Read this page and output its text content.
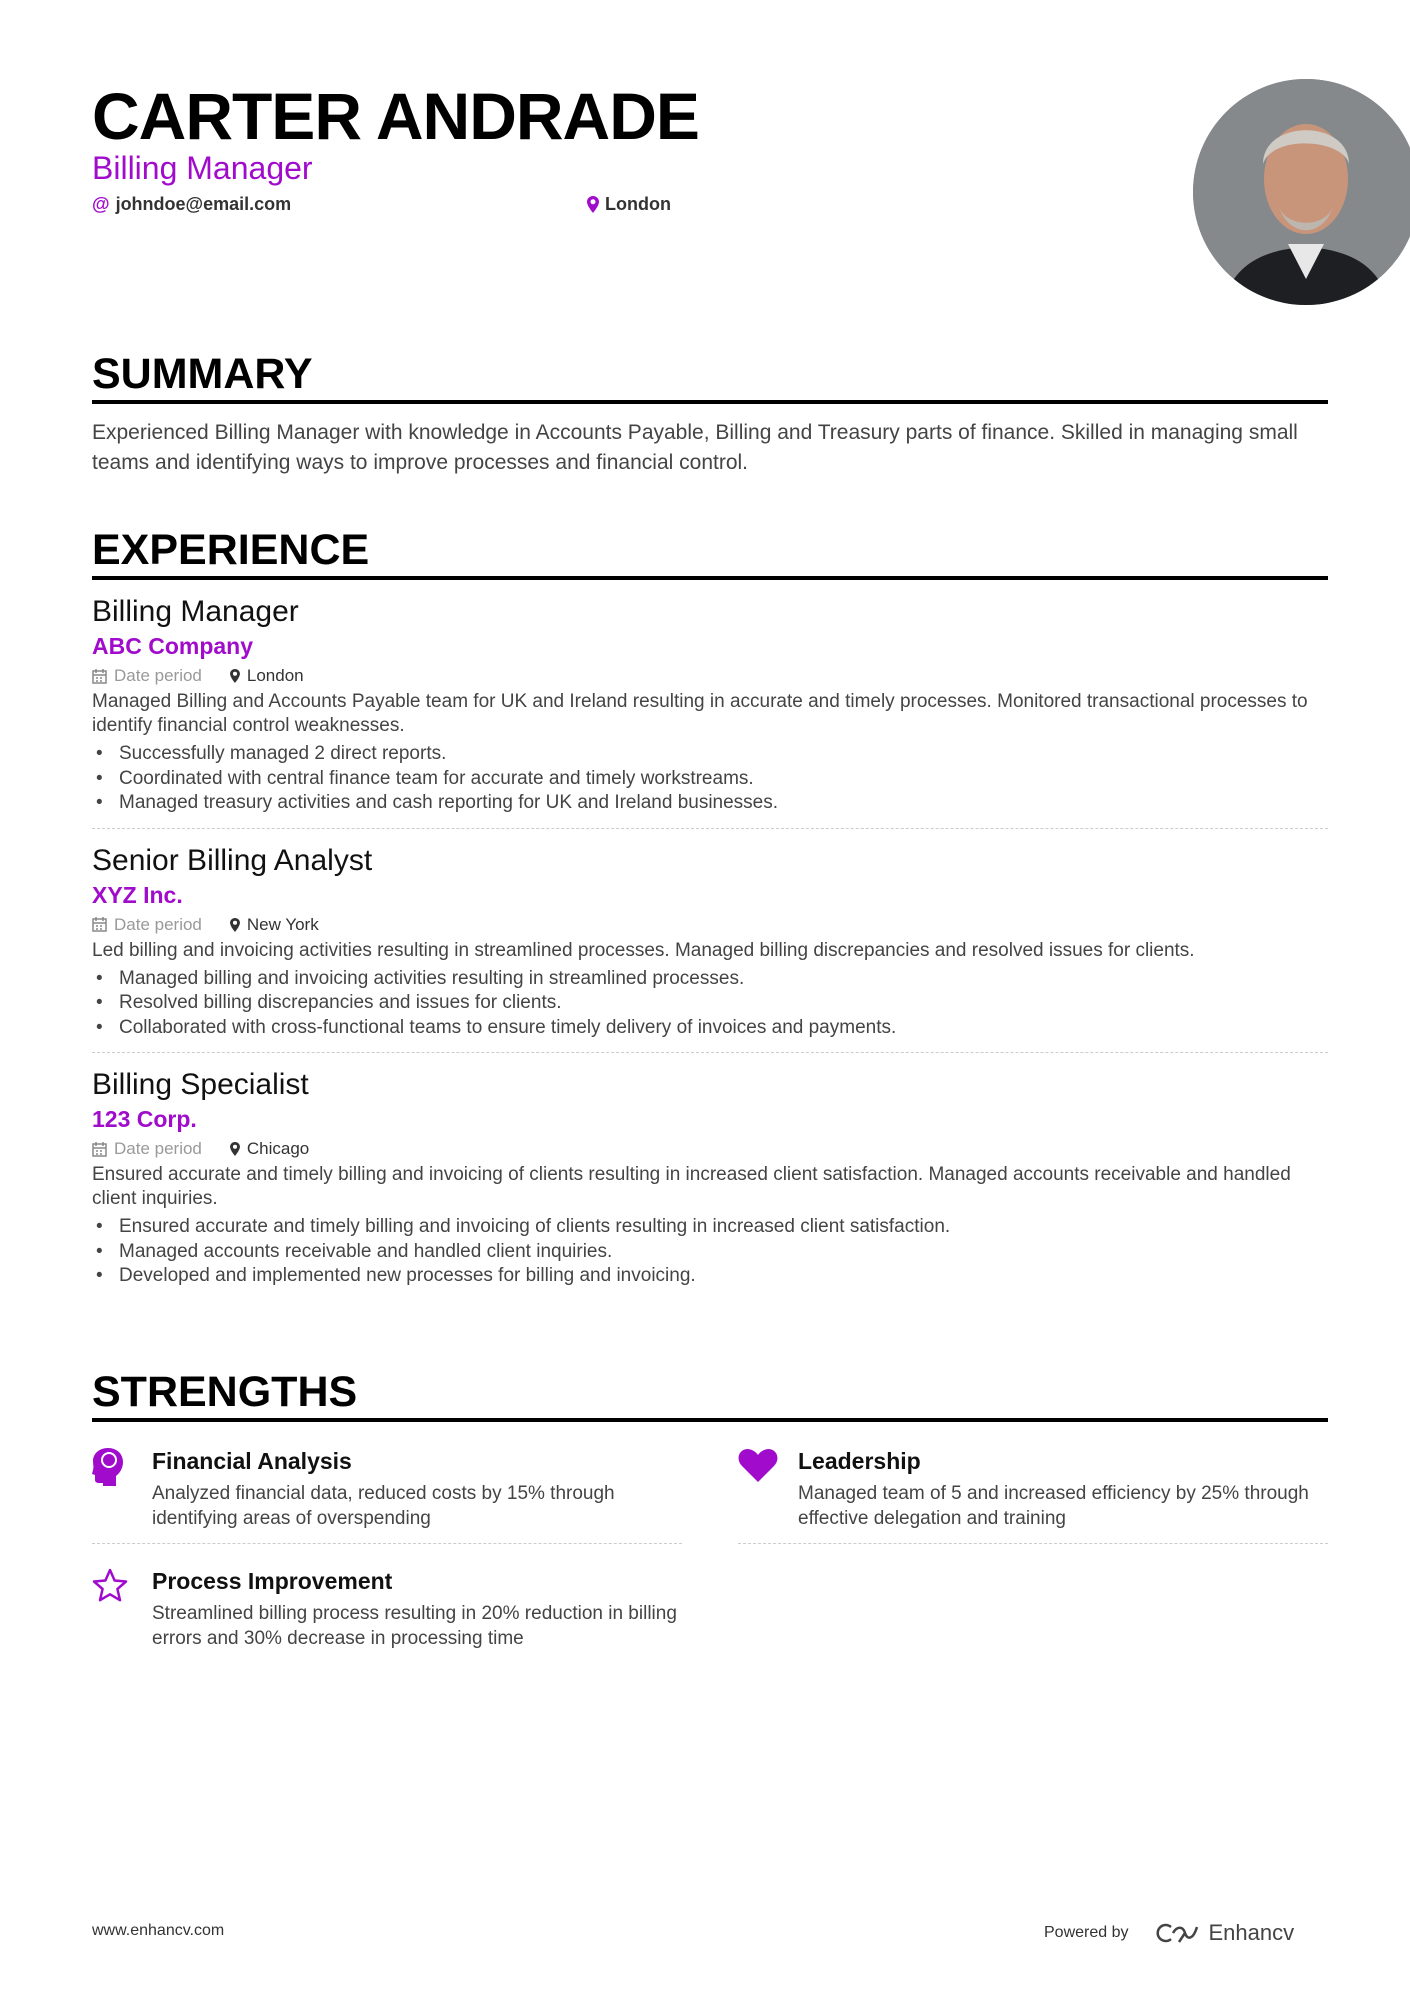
CARTER ANDRADE
Billing Manager
@ johndoe@email.com	London
SUMMARY

Experienced Billing Manager with knowledge in Accounts Payable, Billing and Treasury parts of finance. Skilled in managing small teams and identifying ways to improve processes and financial control.

EXPERIENCE
Billing Manager
ABC Company
Date period	London

Managed Billing and Accounts Payable team for UK and Ireland resulting in accurate and timely processes. Monitored transactional processes to identify financial control weaknesses.

• Successfully managed 2 direct reports.
• Coordinated with central finance team for accurate and timely workstreams.
• Managed treasury activities and cash reporting for UK and Ireland businesses.
Senior Billing Analyst
XYZ Inc.
Date period	New York

Led billing and invoicing activities resulting in streamlined processes. Managed billing discrepancies and resolved issues for clients.

• Managed billing and invoicing activities resulting in streamlined processes.
• Resolved billing discrepancies and issues for clients.
• Collaborated with cross-functional teams to ensure timely delivery of invoices and payments.
Billing Specialist
123 Corp.
Date period	Chicago

Ensured accurate and timely billing and invoicing of clients resulting in increased client satisfaction. Managed accounts receivable and handled client inquiries.

• Ensured accurate and timely billing and invoicing of clients resulting in increased client satisfaction.
• Managed accounts receivable and handled client inquiries.
• Developed and implemented new processes for billing and invoicing.
STRENGTHS
Financial Analysis

Analyzed financial data, reduced costs by 15% through identifying areas of overspending

Leadership

Managed team of 5 and increased efficiency by 25% through effective delegation and training

Process Improvement

Streamlined billing process resulting in 20% reduction in billing errors and 30% decrease in processing time

www.enhancv.com	Powered by	Enhancv
